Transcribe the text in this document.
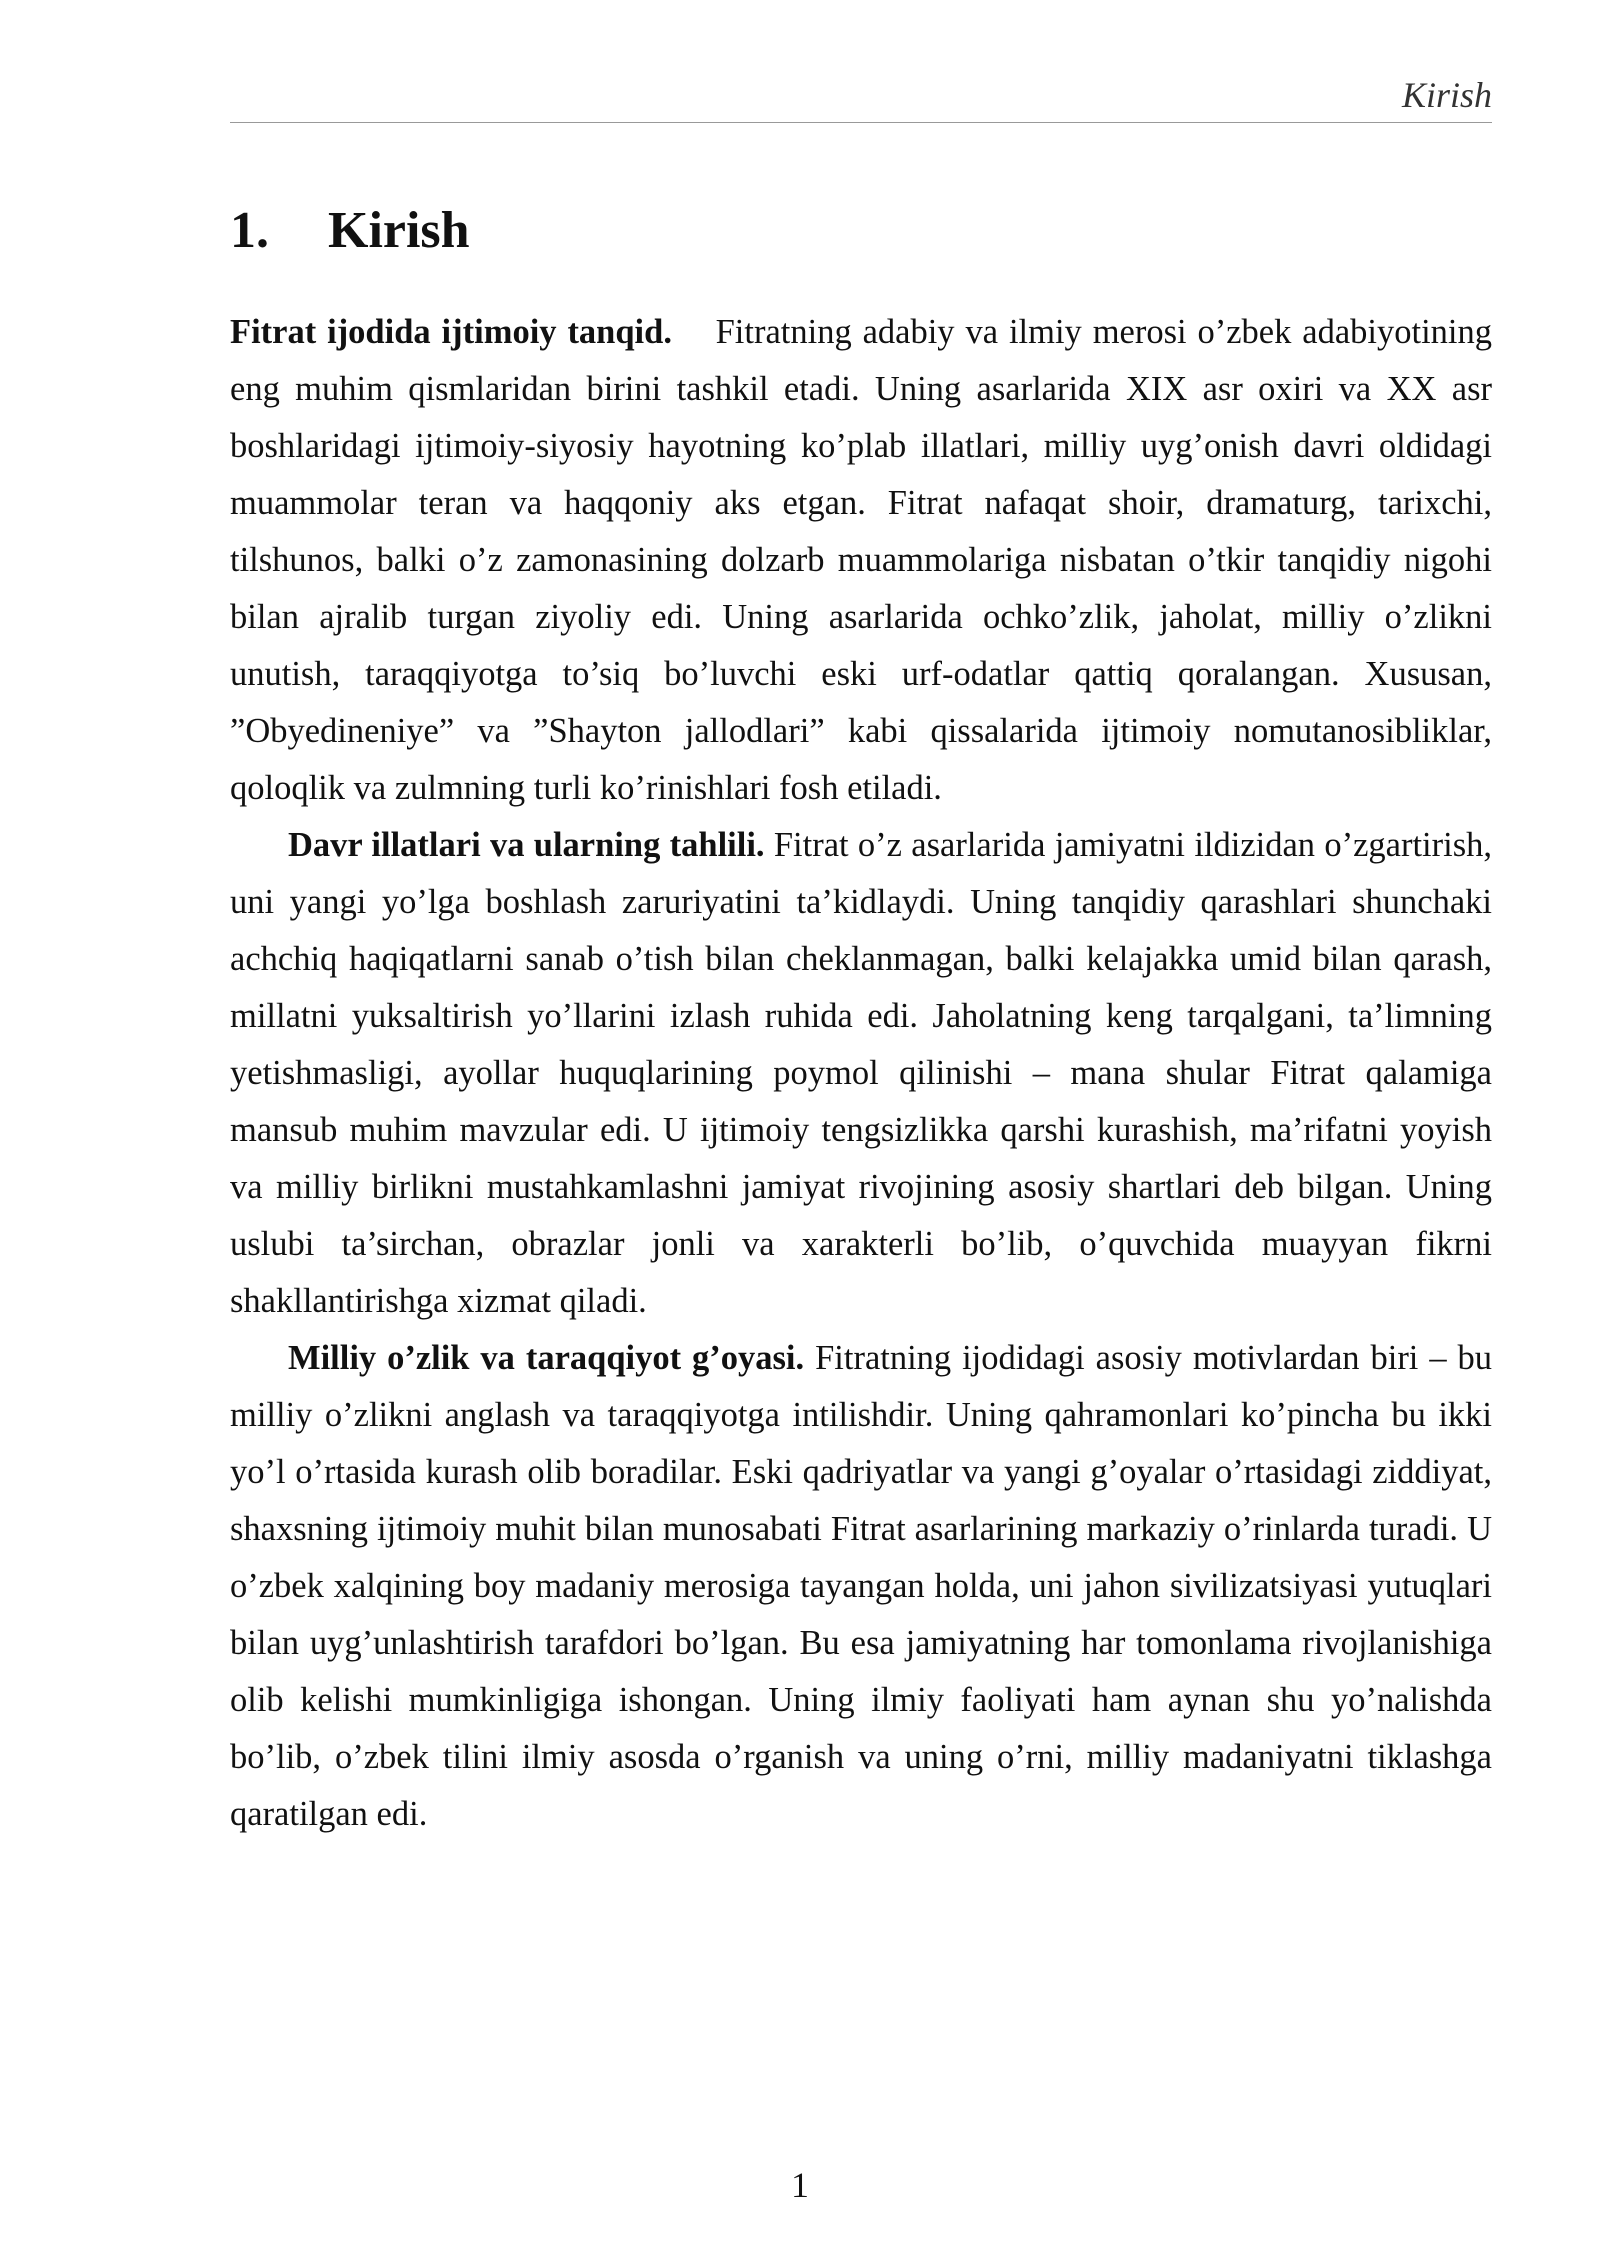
Kirish
1. Kirish

Fitrat ijodida ijtimoiy tanqid. Fitratning adabiy va ilmiy merosi o’zbek adabiyotining eng muhim qismlaridan birini tashkil etadi. Uning asarlarida XIX asr oxiri va XX asr boshlaridagi ijtimoiy-siyosiy hayotning ko’plab illatlari, milliy uyg’onish davri oldidagi muammolar teran va haqqoniy aks etgan. Fitrat nafaqat shoir, dramaturg, tarixchi, tilshunos, balki o’z zamonasining dolzarb muammolariga nisbatan o’tkir tanqidiy nigohi bilan ajralib turgan ziyoliy edi. Uning asarlarida ochko’zlik, jaholat, milliy o’zlikni unutish, taraqqiyotga to’siq bo’luvchi eski urf-odatlar qattiq qoralangan. Xususan, ”Obyedineniye” va ”Shayton jallodlari” kabi qissalarida ijtimoiy nomutanosibliklar, qoloqlik va zulmning turli ko’rinishlari fosh etiladi.

Davr illatlari va ularning tahlili. Fitrat o’z asarlarida jamiyatni ildizidan o’zgartirish, uni yangi yo’lga boshlash zaruriyatini ta’kidlaydi. Uning tanqidiy qarashlari shunchaki achchiq haqiqatlarni sanab o’tish bilan cheklanmagan, balki kelajakka umid bilan qarash, millatni yuksaltirish yo’llarini izlash ruhida edi. Jaholatning keng tarqalgani, ta’limning yetishmasligi, ayollar huquqlarining poymol qilinishi – mana shular Fitrat qalamiga mansub muhim mavzular edi. U ijtimoiy tengsizlikka qarshi kurashish, ma’rifatni yoyish va milliy birlikni mustahkamlashni jamiyat rivojining asosiy shartlari deb bilgan. Uning uslubi ta’sirchan, obrazlar jonli va xarakterli bo’lib, o’quvchida muayyan fikrni shakllantirishga xizmat qiladi.

Milliy o’zlik va taraqqiyot g’oyasi. Fitratning ijodidagi asosiy motivlardan biri – bu milliy o’zlikni anglash va taraqqiyotga intilishdir. Uning qahramonlari ko’pincha bu ikki yo’l o’rtasida kurash olib boradilar. Eski qadriyatlar va yangi g’oyalar o’rtasidagi ziddiyat, shaxsning ijtimoiy muhit bilan munosabati Fitrat asarlarining markaziy o’rinlarda turadi. U o’zbek xalqining boy madaniy merosiga tayangan holda, uni jahon sivilizatsiyasi yutuqlari bilan uyg’unlashtirish tarafdori bo’lgan. Bu esa jamiyatning har tomonlama rivojlanishiga olib kelishi mumkinligiga ishongan. Uning ilmiy faoliyati ham aynan shu yo’nalishda bo’lib, o’zbek tilini ilmiy asosda o’rganish va uning o’rni, milliy madaniyatni tiklashga qaratilgan edi.

1
